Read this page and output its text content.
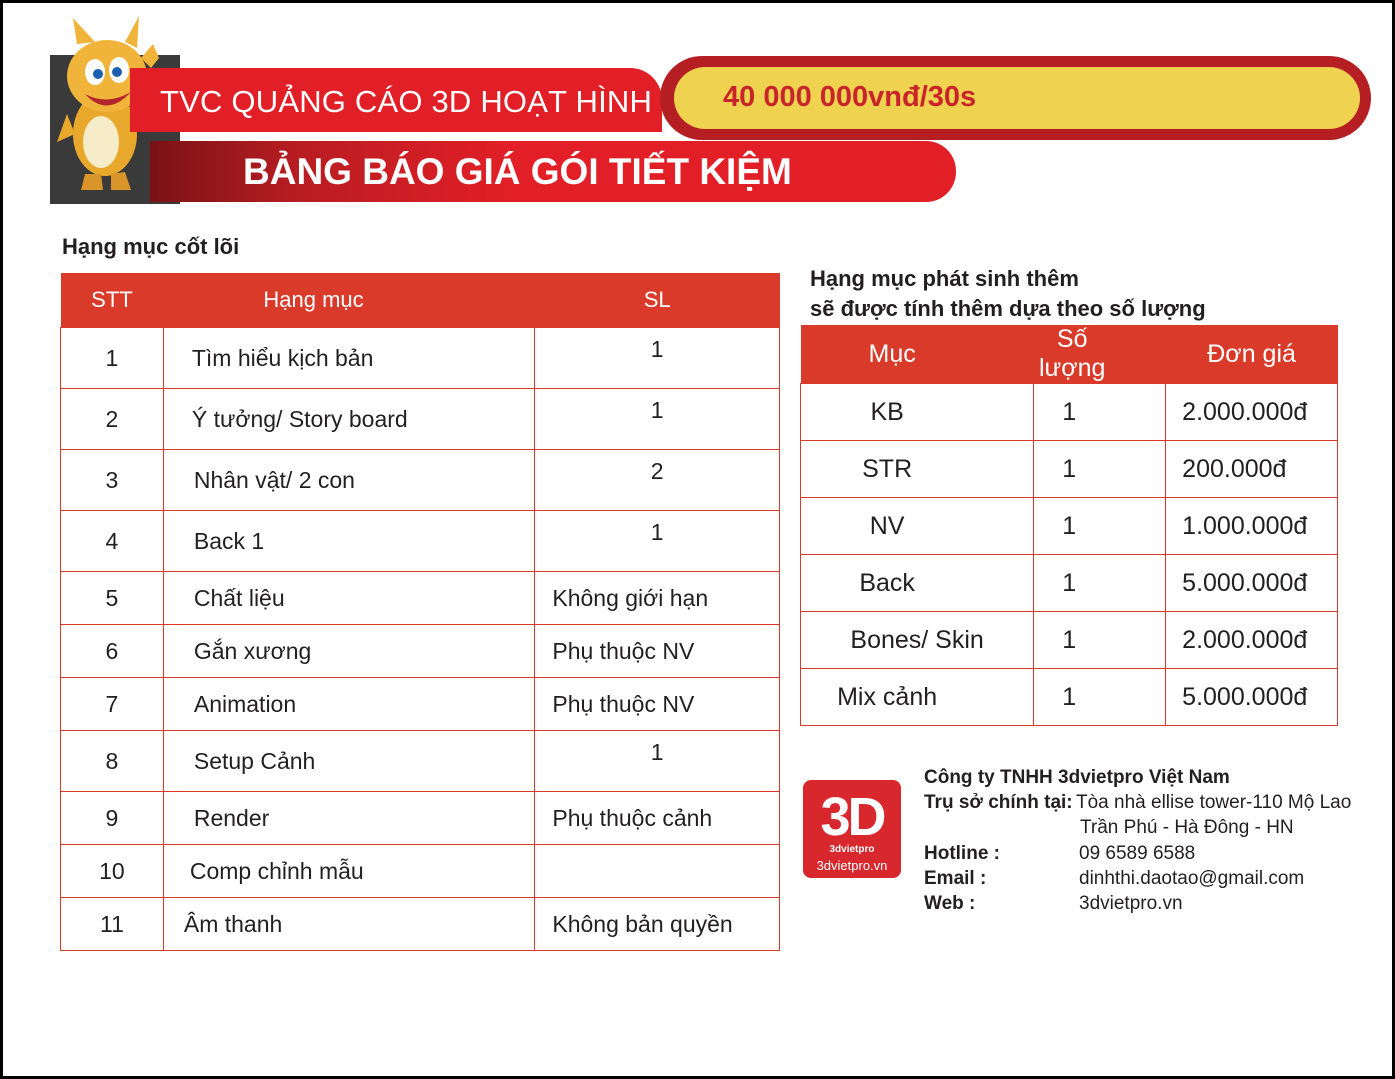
TVC QUẢNG CÁO 3D HOẠT HÌNH 40 000 000vnđ/30s
BẢNG BÁO GIÁ GÓI TIẾT KIỆM
Hạng mục cốt lõi
STT	Hạng mục	SL
1	Tìm hiểu kịch bản	1
2	Ý tưởng/ Story board	1
3	Nhân vật/ 2 con	2
4	Back 1	1
5	Chất liệu	Không giới hạn
6	Gắn xương	Phụ thuộc NV
7	Animation	Phụ thuộc NV
8	Setup Cảnh	1
9	Render	Phụ thuộc cảnh
10	Comp chỉnh mẫu	
11	Âm thanh	Không bản quyền
Hạng mục phát sinh thêm
sẽ được tính thêm dựa theo số lượng
Mục	Số lượng	Đơn giá
KB	1	2.000.000đ
STR	1	200.000đ
NV	1	1.000.000đ
Back	1	5.000.000đ
Bones/ Skin	1	2.000.000đ
Mix cảnh	1	5.000.000đ
3D
3dvietpro
3dvietpro.vn
Công ty TNHH 3dvietpro Việt Nam
Trụ sở chính tại: Tòa nhà ellise tower-110 Mộ Lao
Trần Phú - Hà Đông - HN
Hotline :	09 6589 6588
Email :	dinhthi.daotao@gmail.com
Web :	3dvietpro.vn
